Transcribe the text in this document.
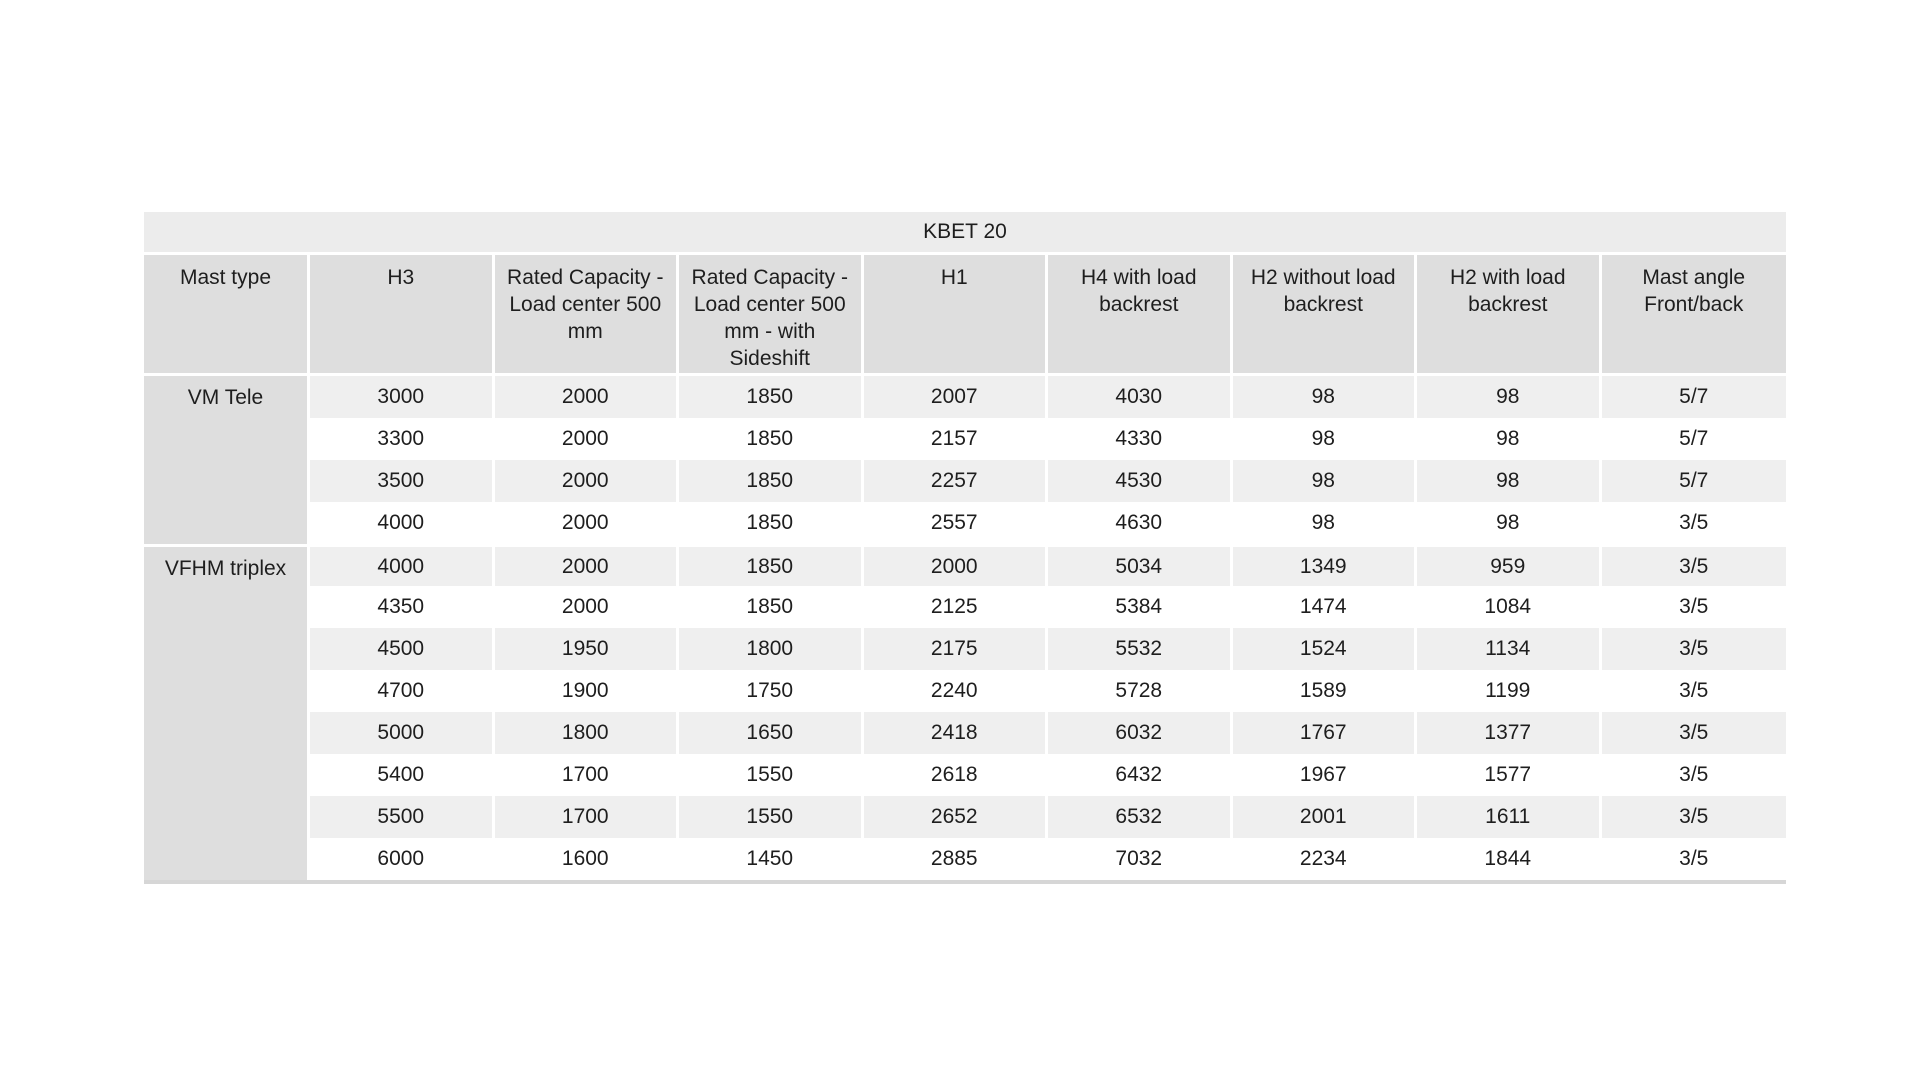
KBET 20								
Mast type	H3	Rated Capacity - Load center 500 mm	Rated Capacity - Load center 500 mm - with Sideshift	H1	H4 with load backrest	H2 without load backrest	H2 with load backrest	Mast angle Front/back
VM Tele	3000	2000	1850	2007	4030	98	98	5/7
	3300	2000	1850	2157	4330	98	98	5/7
	3500	2000	1850	2257	4530	98	98	5/7
	4000	2000	1850	2557	4630	98	98	3/5
VFHM triplex	4000	2000	1850	2000	5034	1349	959	3/5
	4350	2000	1850	2125	5384	1474	1084	3/5
	4500	1950	1800	2175	5532	1524	1134	3/5
	4700	1900	1750	2240	5728	1589	1199	3/5
	5000	1800	1650	2418	6032	1767	1377	3/5
	5400	1700	1550	2618	6432	1967	1577	3/5
	5500	1700	1550	2652	6532	2001	1611	3/5
	6000	1600	1450	2885	7032	2234	1844	3/5
